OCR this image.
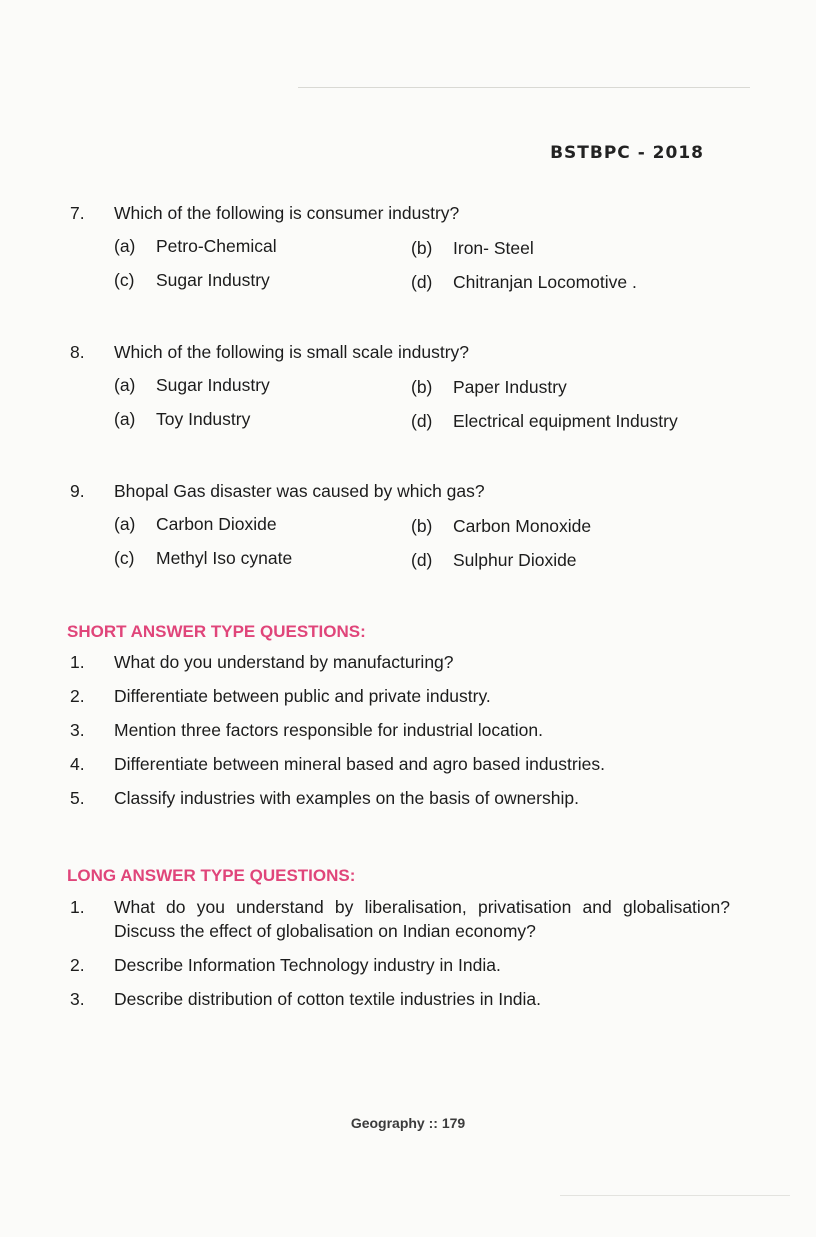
BSTBPC - 2018
7.	Which of the following is consumer industry?
(a)	Petro-Chemical	(b)	Iron- Steel
(c)	Sugar Industry	(d)	Chitranjan Locomotive .
8.	Which of the following is small scale industry?
(a)	Sugar Industry	(b)	Paper Industry
(a)	Toy Industry	(d)	Electrical equipment Industry
9.	Bhopal Gas disaster was caused by which gas?
(a)	Carbon Dioxide	(b)	Carbon Monoxide
(c)	Methyl Iso cynate	(d)	Sulphur Dioxide
SHORT ANSWER TYPE QUESTIONS:
1.	What do you understand by manufacturing?
2.	Differentiate between public and private industry.
3.	Mention three factors responsible for industrial location.
4.	Differentiate between mineral based and agro based industries.
5.	Classify industries with examples on the basis of ownership.
LONG ANSWER TYPE QUESTIONS:
1.	What do you understand by liberalisation, privatisation and globalisation? Discuss the effect of globalisation on Indian economy?
2.	Describe Information Technology industry in India.
3.	Describe distribution of cotton textile industries in India.
Geography :: 179
